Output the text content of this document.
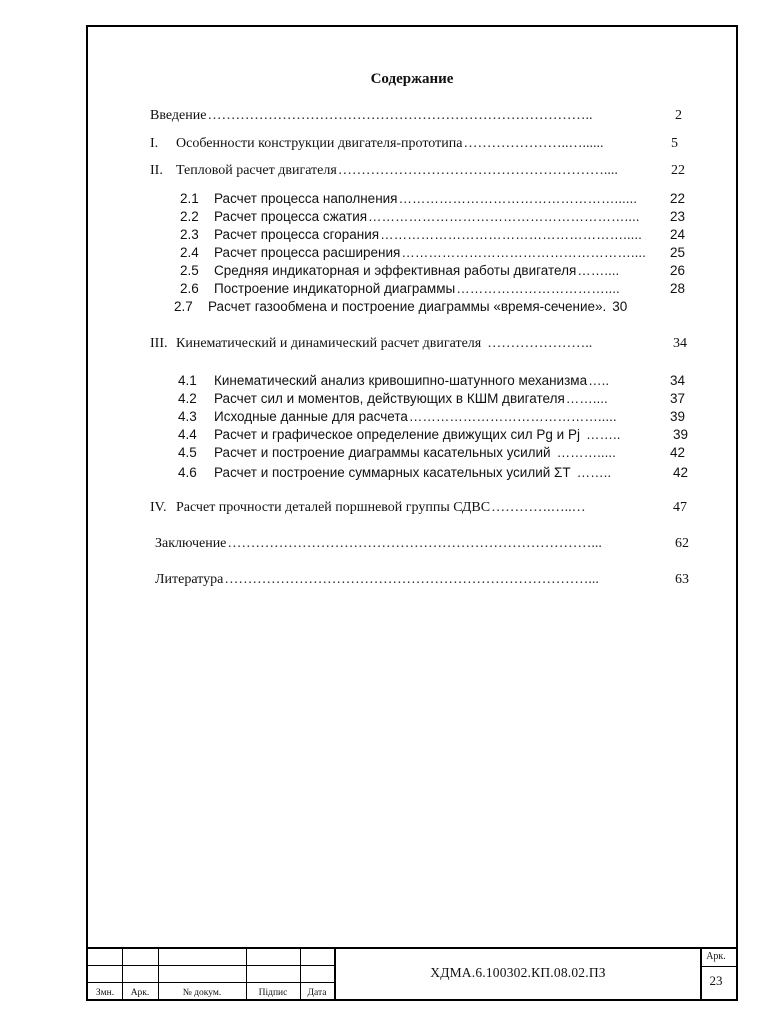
Содержание
Введение ………………………………………………………………………..	2
I.	Особенности конструкции двигателя-прототипа …………………..…......	5
II. Тепловой расчет двигателя …………………………………………………....	22
2.1	Расчет процесса наполнения …………………………………………......	22
2.2	Расчет процесса сжатия …………………………………………………....	23
2.3	Расчет процесса сгорания ……………………………………………….....	24
2.4	Расчет процесса расширения ……………………………………………....	25
2.5	Средняя индикаторная и эффективная работы двигателя ……....	26
2.6	Построение индикаторной диаграммы ……………………………....	28
2.7	Расчет газообмена и построение диаграммы «время-сечение». 30
III. Кинематический и динамический расчет двигателя …………………..	34
4.1	Кинематический анализ кривошипно-шатунного механизма …..	34
4.2	Расчет сил и моментов, действующих в КШМ двигателя ……....	37
4.3	Исходные данные для расчета …………………………………….....	39
4.4	Расчет и графическое определение движущих сил Pg и Pj ……..	39
4.5	Расчет и построение диаграммы касательных усилий ……….....	42
4.6	Расчет и построение суммарных касательных усилий ΣT ……..	42
IV. Расчет прочности деталей поршневой группы СДВС ………….…..…	47
Заключение ……………………………………………………………………...	62
Литература ……………………………………………………………………...	63
Змн.	Арк.	№ докум.	Підпис	Дата
ХДМА.6.100302.КП.08.02.ПЗ
Арк.
23
